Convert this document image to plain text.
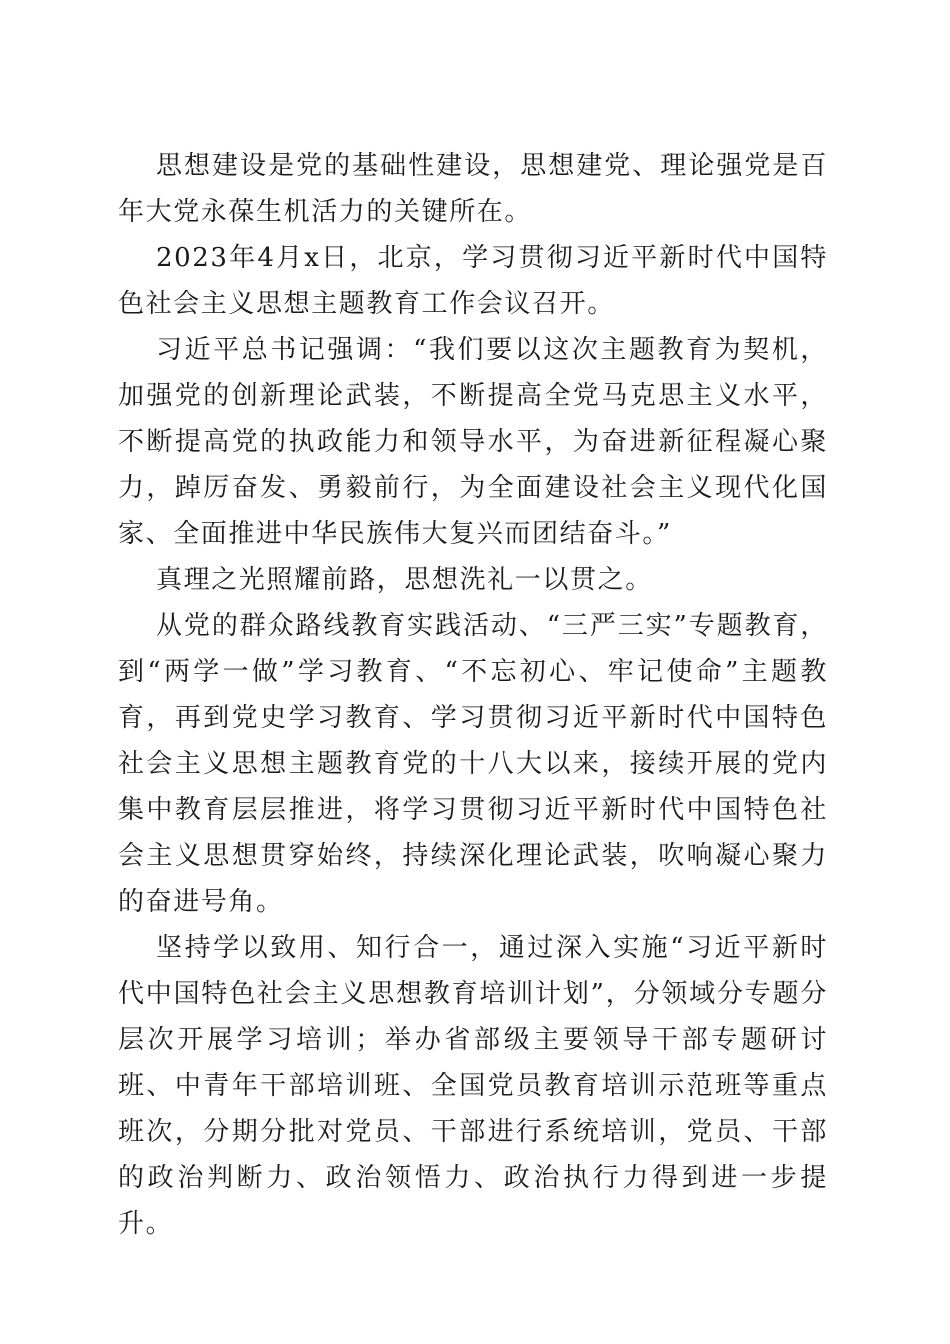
思想建设是党的基础性建设，思想建党、理论强党是百年大党永葆生机活力的关键所在。

2023年4月x日，北京，学习贯彻习近平新时代中国特色社会主义思想主题教育工作会议召开。

习近平总书记强调：“我们要以这次主题教育为契机，加强党的创新理论武装，不断提高全党马克思主义水平，不断提高党的执政能力和领导水平，为奋进新征程凝心聚力，踔厉奋发、勇毅前行，为全面建设社会主义现代化国家、全面推进中华民族伟大复兴而团结奋斗。”

真理之光照耀前路，思想洗礼一以贯之。

从党的群众路线教育实践活动、“三严三实”专题教育，到“两学一做”学习教育、“不忘初心、牢记使命”主题教育，再到党史学习教育、学习贯彻习近平新时代中国特色社会主义思想主题教育党的十八大以来，接续开展的党内集中教育层层推进，将学习贯彻习近平新时代中国特色社会主义思想贯穿始终，持续深化理论武装，吹响凝心聚力的奋进号角。

坚持学以致用、知行合一，通过深入实施“习近平新时代中国特色社会主义思想教育培训计划”，分领域分专题分层次开展学习培训；举办省部级主要领导干部专题研讨班、中青年干部培训班、全国党员教育培训示范班等重点班次，分期分批对党员、干部进行系统培训，党员、干部的政治判断力、政治领悟力、政治执行力得到进一步提升。
